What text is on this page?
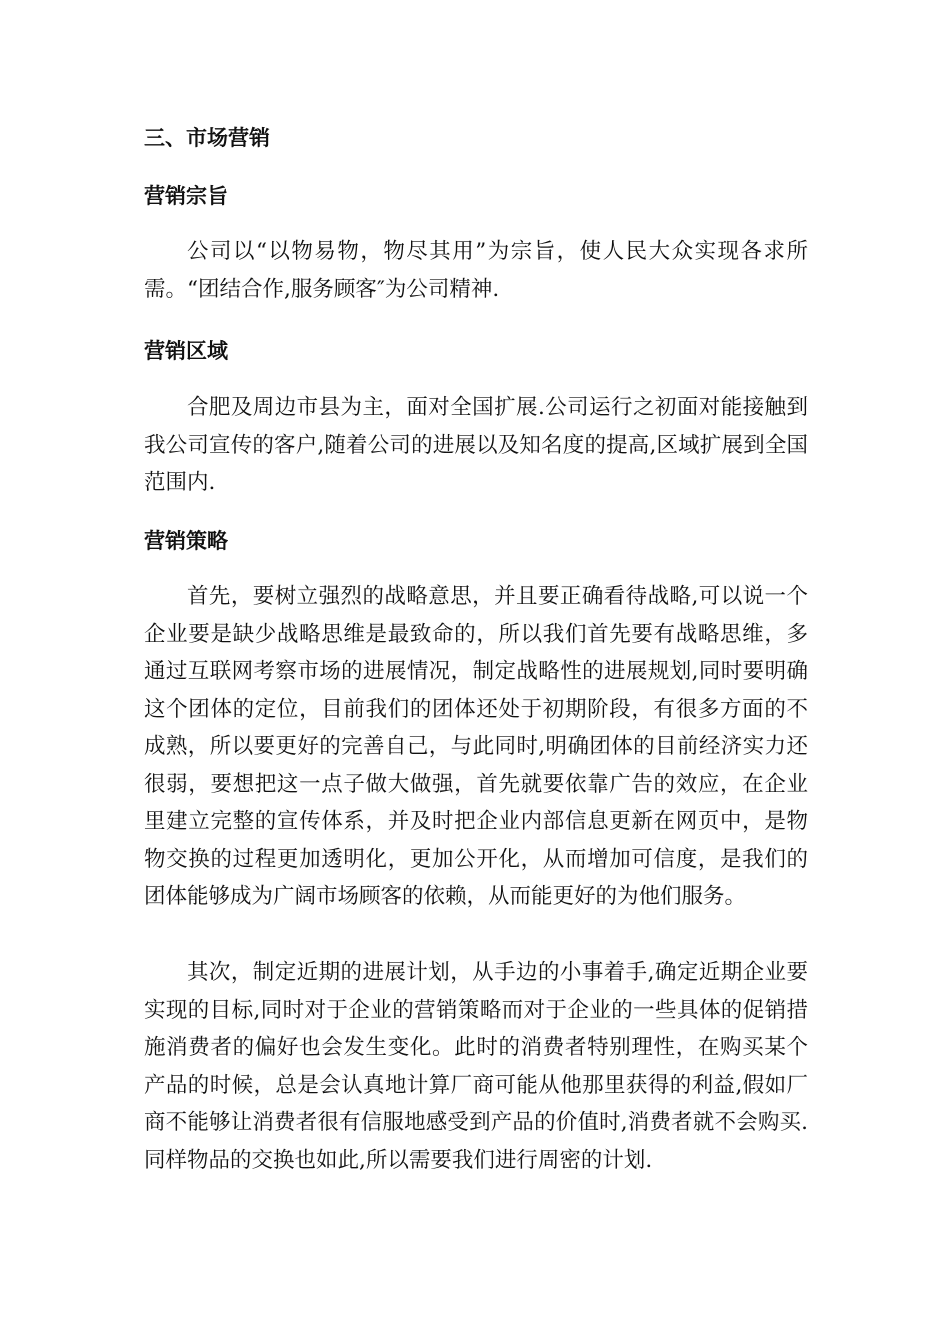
三、市场营销
营销宗旨

公司以“以物易物，物尽其用”为宗旨，使人民大众实现各求所需。“团结合作,服务顾客″为公司精神.

营销区域

合肥及周边市县为主，面对全国扩展.公司运行之初面对能接触到我公司宣传的客户,随着公司的进展以及知名度的提高,区域扩展到全国范围内.

营销策略

首先，要树立强烈的战略意思，并且要正确看待战略,可以说一个企业要是缺少战略思维是最致命的，所以我们首先要有战略思维，多通过互联网考察市场的进展情况，制定战略性的进展规划,同时要明确这个团体的定位，目前我们的团体还处于初期阶段，有很多方面的不成熟，所以要更好的完善自己，与此同时,明确团体的目前经济实力还很弱，要想把这一点子做大做强，首先就要依靠广告的效应，在企业里建立完整的宣传体系，并及时把企业内部信息更新在网页中，是物物交换的过程更加透明化，更加公开化，从而增加可信度，是我们的团体能够成为广阔市场顾客的依赖，从而能更好的为他们服务。

其次，制定近期的进展计划，从手边的小事着手,确定近期企业要实现的目标,同时对于企业的营销策略而对于企业的一些具体的促销措施消费者的偏好也会发生变化。此时的消费者特别理性，在购买某个产品的时候，总是会认真地计算厂商可能从他那里获得的利益,假如厂商不能够让消费者很有信服地感受到产品的价值时,消费者就不会购买.同样物品的交换也如此,所以需要我们进行周密的计划.
